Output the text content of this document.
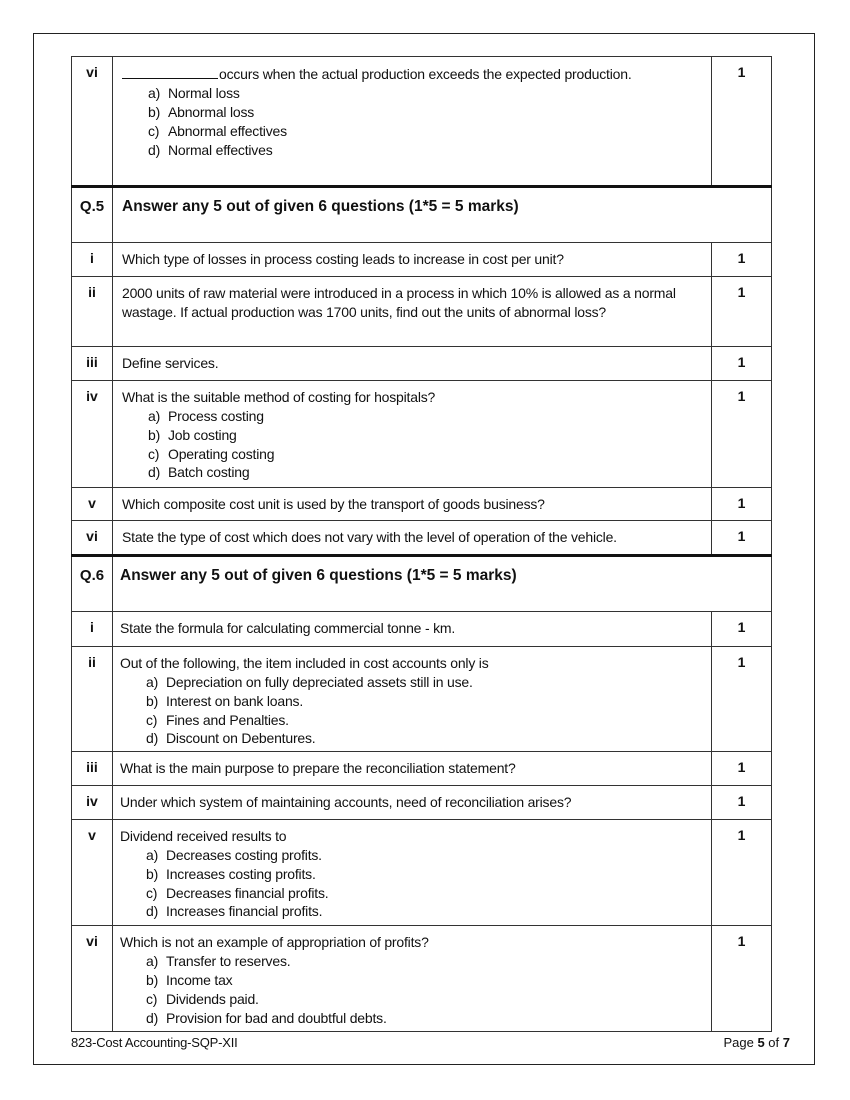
vi	occurs when the actual production exceeds the expected production.
a) Normal loss
b) Abnormal loss
c) Abnormal effectives
d) Normal effectives
	1
Q.5	Answer any 5 out of given 6 questions (1*5 = 5 marks)	
i	Which type of losses in process costing leads to increase in cost per unit?	1
ii	2000 units of raw material were introduced in a process in which 10% is allowed as a normal wastage. If actual production was 1700 units, find out the units of abnormal loss?	1
iii	Define services.	1
iv	What is the suitable method of costing for hospitals?
a) Process costing
b) Job costing
c) Operating costing
d) Batch costing
	1
v	Which composite cost unit is used by the transport of goods business?	1
vi	State the type of cost which does not vary with the level of operation of the vehicle.	1
Q.6	Answer any 5 out of given 6 questions (1*5 = 5 marks)	
i	State the formula for calculating commercial tonne - km.	1
ii	Out of the following, the item included in cost accounts only is
a) Depreciation on fully depreciated assets still in use.
b) Interest on bank loans.
c) Fines and Penalties.
d) Discount on Debentures.
	1
iii	What is the main purpose to prepare the reconciliation statement?	1
iv	Under which system of maintaining accounts, need of reconciliation arises?	1
v	Dividend received results to
a) Decreases costing profits.
b) Increases costing profits.
c) Decreases financial profits.
d) Increases financial profits.
	1
vi	Which is not an example of appropriation of profits?
a) Transfer to reserves.
b) Income tax
c) Dividends paid.
d) Provision for bad and doubtful debts.
	1
823-Cost Accounting-SQP-XII	Page 5 of 7
